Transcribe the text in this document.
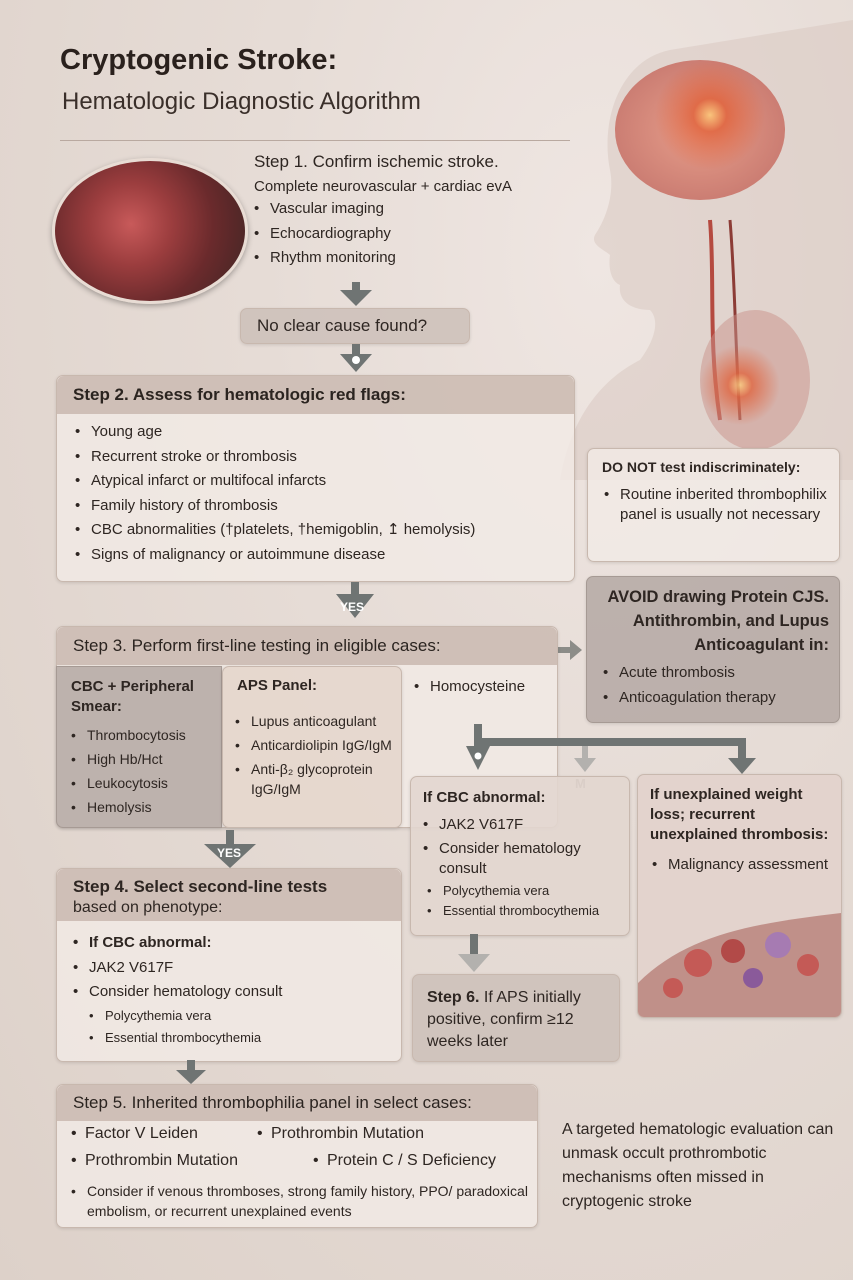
Cryptogenic Stroke:
Hematologic Diagnostic Algorithm
Step 1. Confirm ischemic stroke.
Complete neurovascular + cardiac evA
• Vascular imaging
• Echocardiography
• Rhythm monitoring
No clear cause found?
Step 2. Assess for hematologic red flags:
• Young age
• Recurrent stroke or thrombosis
• Atypical infarct or multifocal infarcts
• Family history of thrombosis
• CBC abnormalities (†platelets, †hemigoblin, ↥ hemolysis)
• Signs of malignancy or autoimmune disease
DO NOT test indiscriminately:
• Routine inberited thrombophilix panel is usually not necessary
YES
AVOID drawing Protein CJS. Antithrombin, and Lupus Anticoagulant in:
• Acute thrombosis
• Anticoagulation therapy
Step 3. Perform first-line testing in eligible cases:
CBC + Peripheral Smear:
• Thrombocytosis
• High Hb/Hct
• Leukocytosis
• Hemolysis
APS Panel:
• Lupus anticoagulant
• Anticardiolipin IgG/IgM
• Anti-β₂ glycoprotein IgG/IgM
• Homocysteine
If CBC abnormal:
• JAK2 V617F
• Consider hematology consult
• Polycythemia vera
• Essential thrombocythemia
If unexplained weight loss; recurrent unexplained thrombosis:
• Malignancy assessment
YES
Step 4. Select second-line tests
based on phenotype:
• If CBC abnormal:
• JAK2 V617F
• Consider hematology consult
• Polycythemia vera
• Essential thrombocythemia
Step 6. If APS initially positive, confirm ≥12 weeks later
Step 5. Inherited thrombophilia panel in select cases:
• Factor V Leiden	• Prothrombin Mutation
• Prothrombin Mutation	• Protein C / S Deficiency
• Consider if venous thromboses, strong family history, PPO/ paradoxical embolism, or recurrent unexplained events
A targeted hematologic evaluation can unmask occult prothrombotic mechanisms often missed in cryptogenic stroke
